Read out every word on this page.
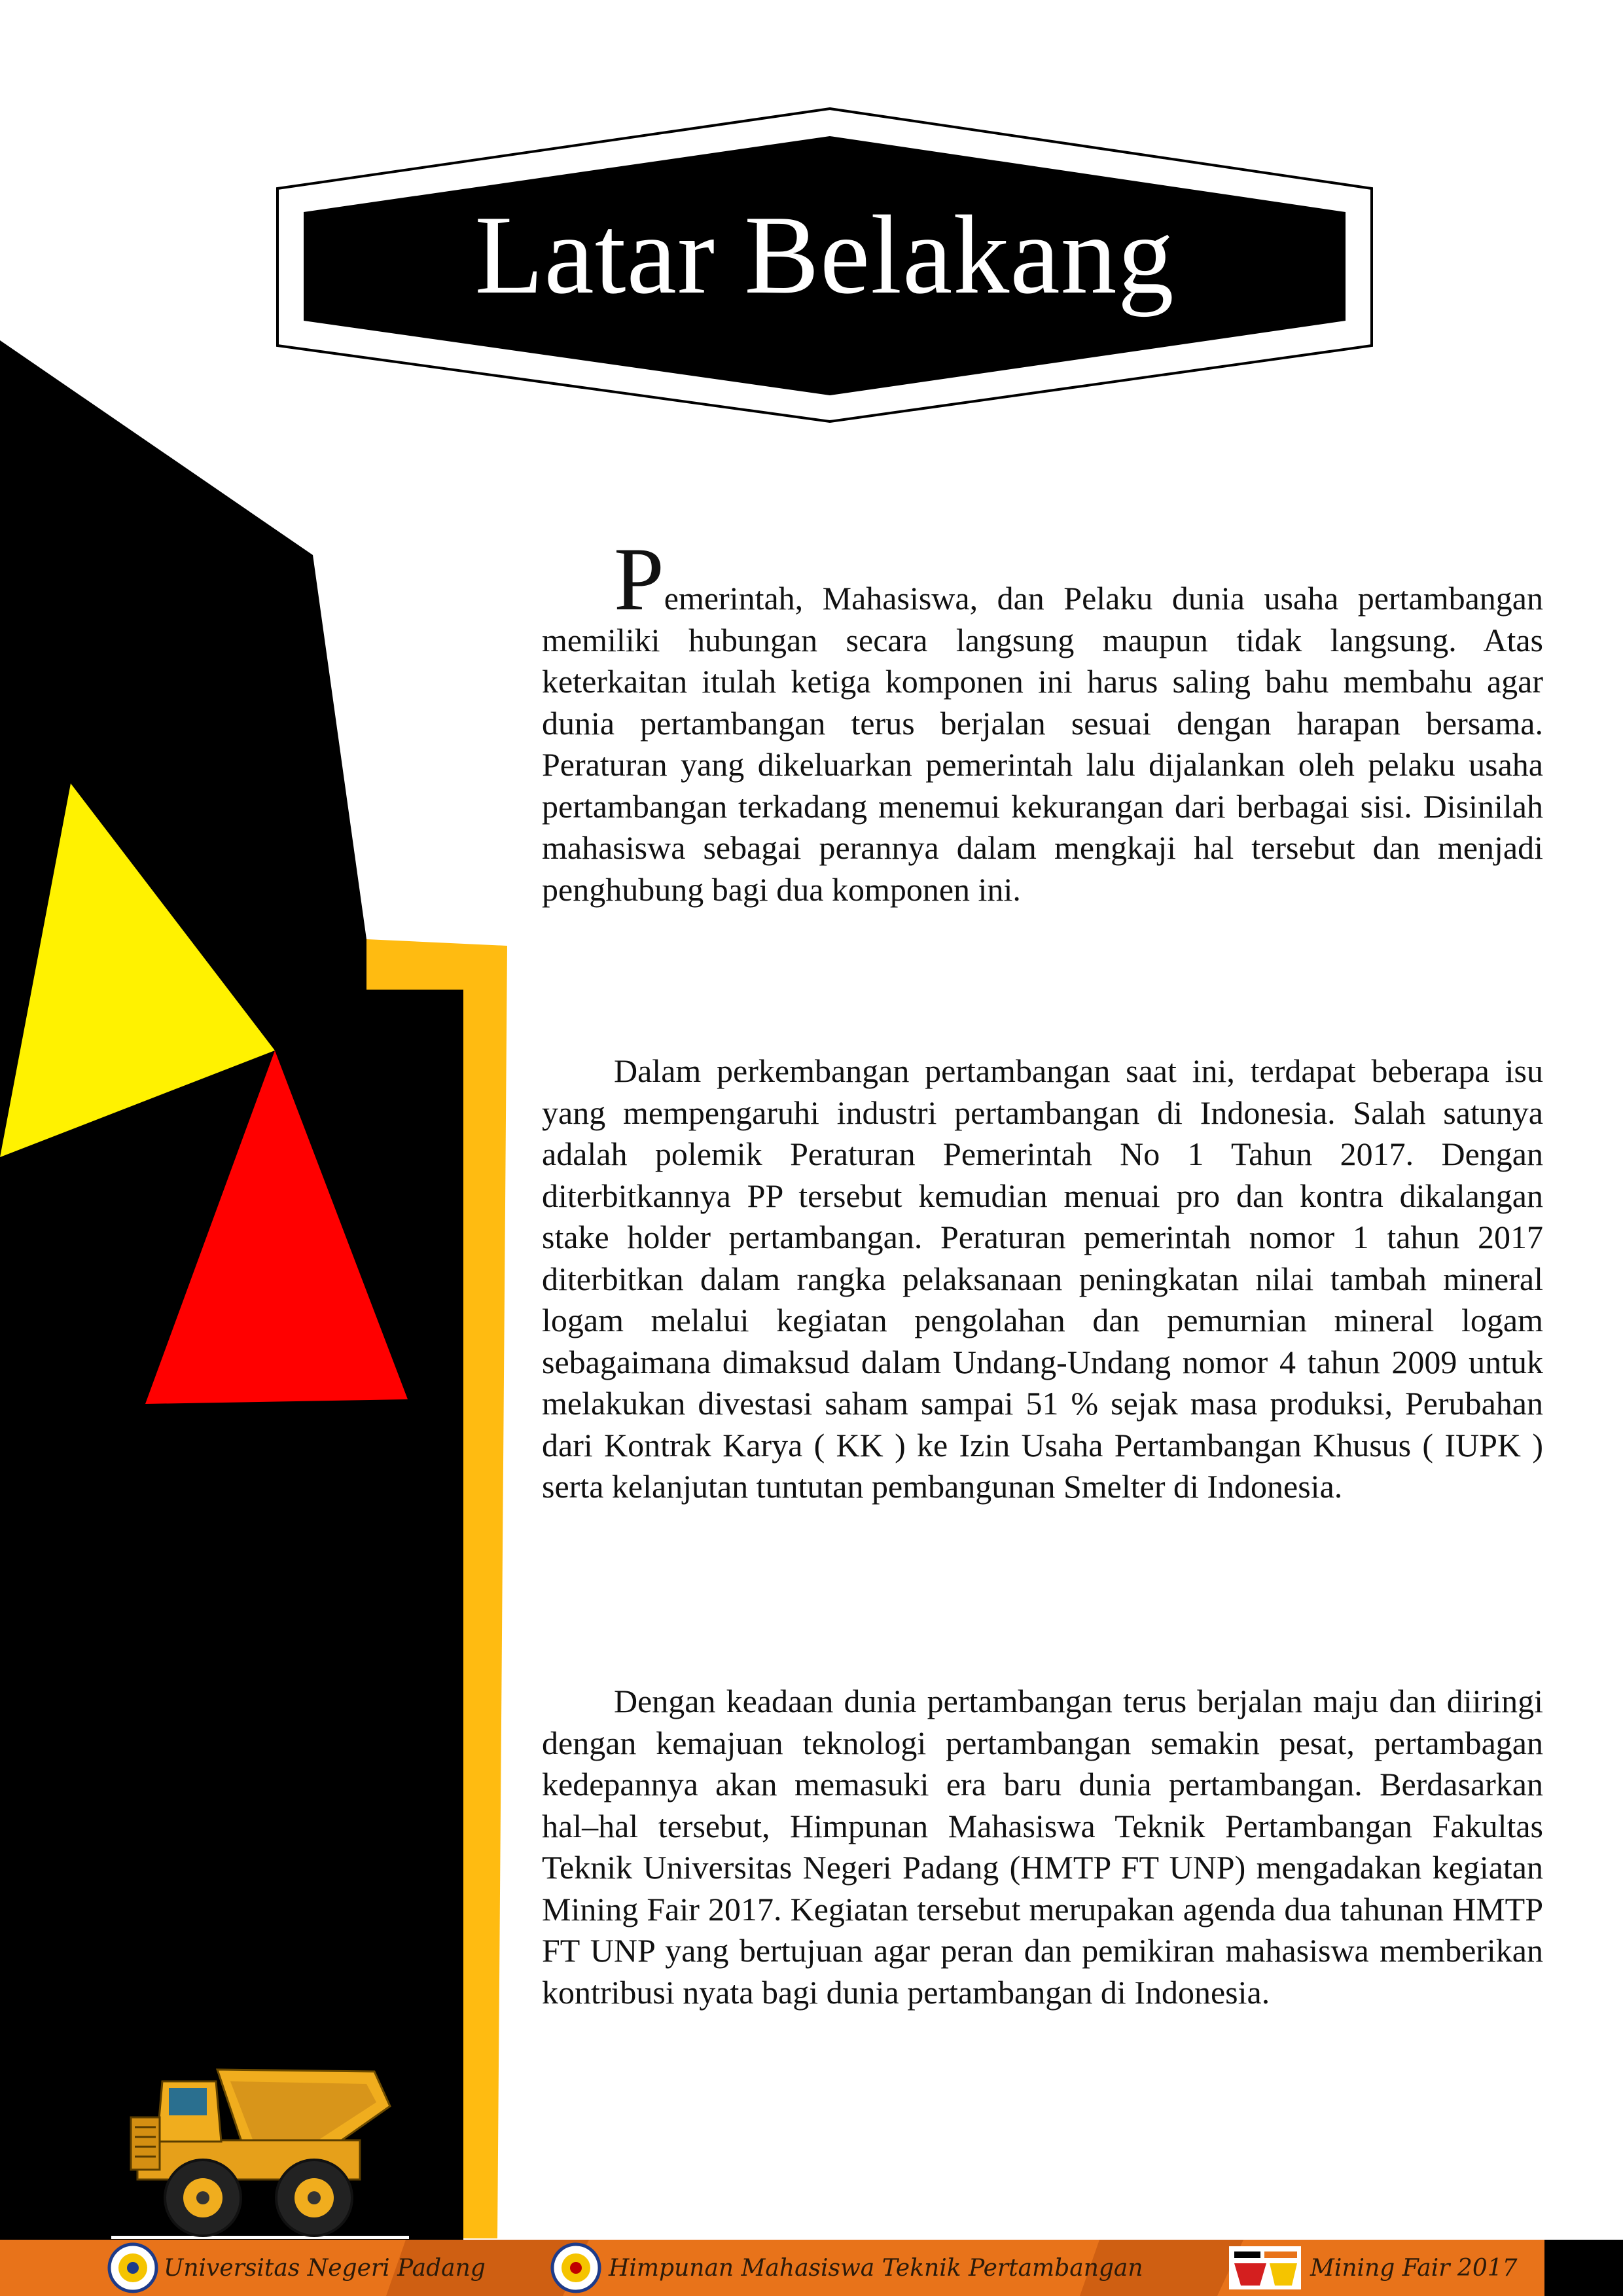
Latar Belakang

Pemerintah, Mahasiswa, dan Pelaku dunia usaha pertambangan memiliki hubungan secara langsung maupun tidak langsung. Atas keterkaitan itulah ketiga komponen ini harus saling bahu membahu agar dunia pertambangan terus berjalan sesuai dengan harapan bersama. Peraturan yang dikeluarkan pemerintah lalu dijalankan oleh pelaku usaha pertambangan terkadang menemui kekurangan dari berbagai sisi. Disinilah mahasiswa sebagai perannya dalam mengkaji hal tersebut dan menjadi penghubung bagi dua komponen ini.

Dalam perkembangan pertambangan saat ini, terdapat beberapa isu yang mempengaruhi industri pertambangan di Indonesia. Salah satunya adalah polemik Peraturan Pemerintah No 1 Tahun 2017. Dengan diterbitkannya PP tersebut kemudian menuai pro dan kontra dikalangan stake holder pertambangan. Peraturan pemerintah nomor 1 tahun 2017 diterbitkan dalam rangka pelaksanaan peningkatan nilai tambah mineral logam melalui kegiatan pengolahan dan pemurnian mineral logam sebagaimana dimaksud dalam Undang-Undang nomor 4 tahun 2009 untuk melakukan divestasi saham sampai 51 % sejak masa produksi, Perubahan dari Kontrak Karya ( KK ) ke Izin Usaha Pertambangan Khusus ( IUPK ) serta kelanjutan tuntutan pembangunan Smelter di Indonesia.

Dengan keadaan dunia pertambangan terus berjalan maju dan diiringi dengan kemajuan teknologi pertambangan semakin pesat, pertambagan kedepannya akan memasuki era baru dunia pertambangan. Berdasarkan hal–hal tersebut, Himpunan Mahasiswa Teknik Pertambangan Fakultas Teknik Universitas Negeri Padang (HMTP FT UNP) mengadakan kegiatan Mining Fair 2017. Kegiatan tersebut merupakan agenda dua tahunan HMTP FT UNP yang bertujuan agar peran dan pemikiran mahasiswa memberikan kontribusi nyata bagi dunia pertambangan di Indonesia.

Universitas Negeri Padang	Himpunan Mahasiswa Teknik Pertambangan	Mining Fair 2017
